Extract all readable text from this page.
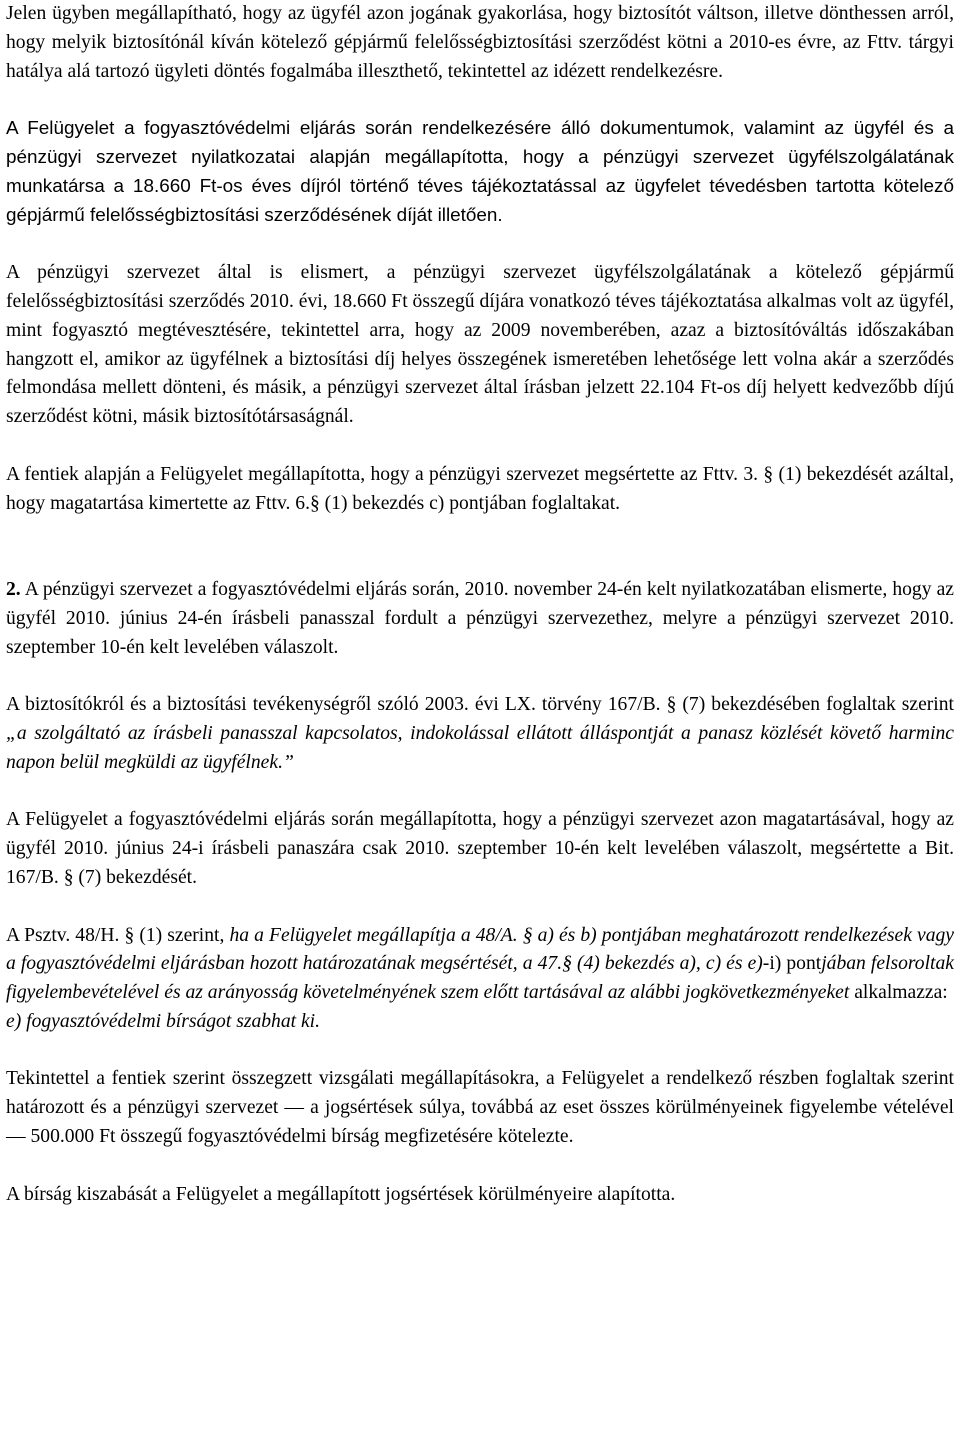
Jelen ügyben megállapítható, hogy az ügyfél azon jogának gyakorlása, hogy biztosítót váltson, illetve dönthessen arról, hogy melyik biztosítónál kíván kötelező gépjármű felelősségbiztosítási szerződést kötni a 2010-es évre, az Fttv. tárgyi hatálya alá tartozó ügyleti döntés fogalmába illeszthető, tekintettel az idézett rendelkezésre.

A Felügyelet a fogyasztóvédelmi eljárás során rendelkezésére álló dokumentumok, valamint az ügyfél és a pénzügyi szervezet nyilatkozatai alapján megállapította, hogy a pénzügyi szervezet ügyfélszolgálatának munkatársa a 18.660 Ft-os éves díjról történő téves tájékoztatással az ügyfelet tévedésben tartotta kötelező gépjármű felelősségbiztosítási szerződésének díját illetően.

A pénzügyi szervezet által is elismert, a pénzügyi szervezet ügyfélszolgálatának a kötelező gépjármű felelősségbiztosítási szerződés 2010. évi, 18.660 Ft összegű díjára vonatkozó téves tájékoztatása alkalmas volt az ügyfél, mint fogyasztó megtévesztésére, tekintettel arra, hogy az 2009 novemberében, azaz a biztosítóváltás időszakában hangzott el, amikor az ügyfélnek a biztosítási díj helyes összegének ismeretében lehetősége lett volna akár a szerződés felmondása mellett dönteni, és másik, a pénzügyi szervezet által írásban jelzett 22.104 Ft-os díj helyett kedvezőbb díjú szerződést kötni, másik biztosítótársaságnál.

A fentiek alapján a Felügyelet megállapította, hogy a pénzügyi szervezet megsértette az Fttv. 3. § (1) bekezdését azáltal, hogy magatartása kimertette az Fttv. 6.§ (1) bekezdés c) pontjában foglaltakat.

2. A pénzügyi szervezet a fogyasztóvédelmi eljárás során, 2010. november 24-én kelt nyilatkozatában elismerte, hogy az ügyfél 2010. június 24-én írásbeli panasszal fordult a pénzügyi szervezethez, melyre a pénzügyi szervezet 2010. szeptember 10-én kelt levelében válaszolt.

A biztosítókról és a biztosítási tevékenységről szóló 2003. évi LX. törvény 167/B. § (7) bekezdésében foglaltak szerint „a szolgáltató az írásbeli panasszal kapcsolatos, indokolással ellátott álláspontját a panasz közlését követő harminc napon belül megküldi az ügyfélnek.”

A Felügyelet a fogyasztóvédelmi eljárás során megállapította, hogy a pénzügyi szervezet azon magatartásával, hogy az ügyfél 2010. június 24-i írásbeli panaszára csak 2010. szeptember 10-én kelt levelében válaszolt, megsértette a Bit. 167/B. § (7) bekezdését.

A Psztv. 48/H. § (1) szerint, ha a Felügyelet megállapítja a 48/A. § a) és b) pontjában meghatározott rendelkezések vagy a fogyasztóvédelmi eljárásban hozott határozatának megsértését, a 47.§ (4) bekezdés a), c) és e)-i) pontjában felsoroltak figyelembevételével és az arányosság követelményének szem előtt tartásával az alábbi jogkövetkezményeket alkalmazza:

e) fogyasztóvédelmi bírságot szabhat ki.

Tekintettel a fentiek szerint összegzett vizsgálati megállapításokra, a Felügyelet a rendelkező részben foglaltak szerint határozott és a pénzügyi szervezet — a jogsértések súlya, továbbá az eset összes körülményeinek figyelembe vételével — 500.000 Ft összegű fogyasztóvédelmi bírság megfizetésére kötelezte.

A bírság kiszabását a Felügyelet a megállapított jogsértések körülményeire alapította.
